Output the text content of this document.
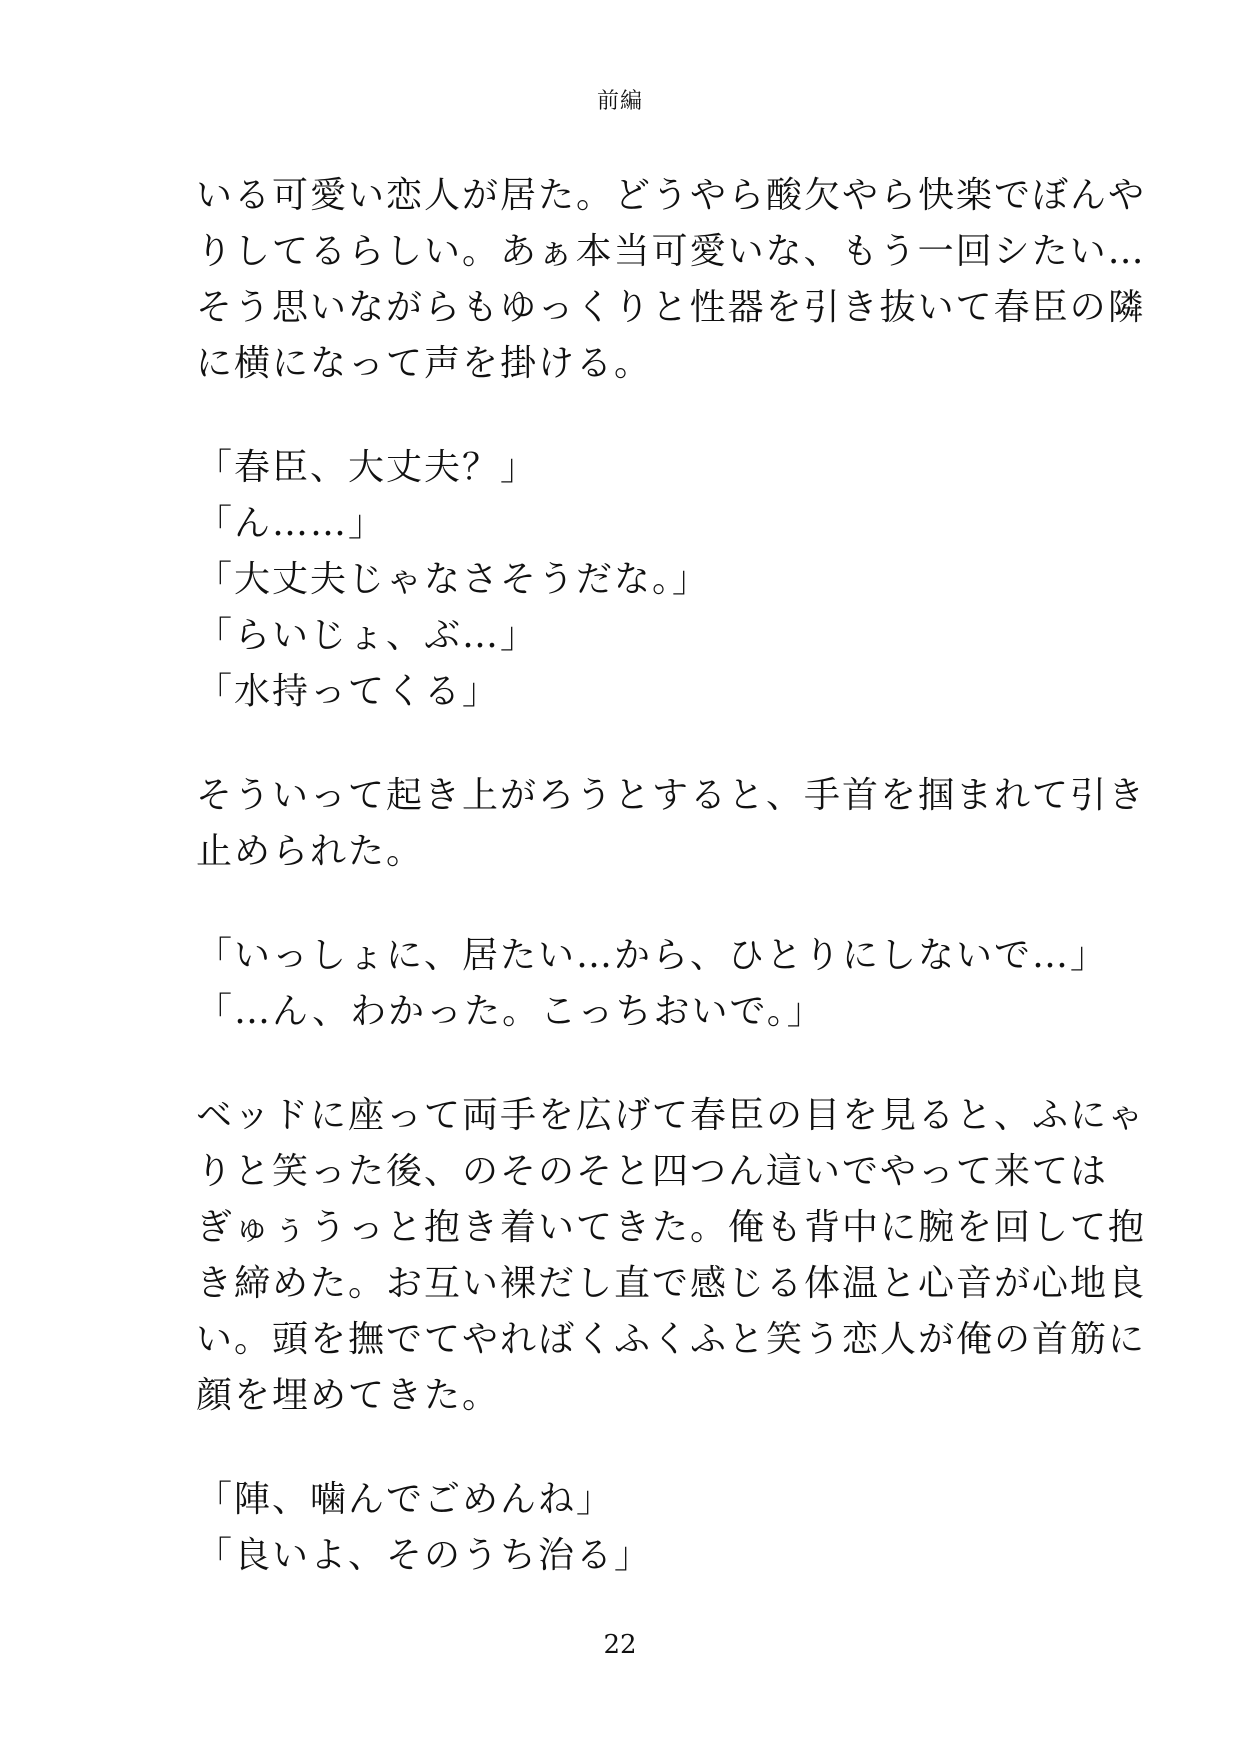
前編
いる可愛い恋人が居た。どうやら酸欠やら快楽でぼんや
りしてるらしい。あぁ本当可愛いな、もう一回シたい…
そう思いながらもゆっくりと性器を引き抜いて春臣の隣
に横になって声を掛ける。
「春臣、大丈夫？」
「ん……」
「大丈夫じゃなさそうだな。」
「らいじょ、ぶ…」
「水持ってくる」
そういって起き上がろうとすると、手首を掴まれて引き
止められた。
「いっしょに、居たい…から、ひとりにしないで…」
「…ん、わかった。こっちおいで。」
ベッドに座って両手を広げて春臣の目を見ると、ふにゃ
りと笑った後、のそのそと四つん這いでやって来ては
ぎゅぅうっと抱き着いてきた。俺も背中に腕を回して抱
き締めた。お互い裸だし直で感じる体温と心音が心地良
い。頭を撫でてやればくふくふと笑う恋人が俺の首筋に
顔を埋めてきた。
「陣、噛んでごめんね」
「良いよ、そのうち治る」
22
